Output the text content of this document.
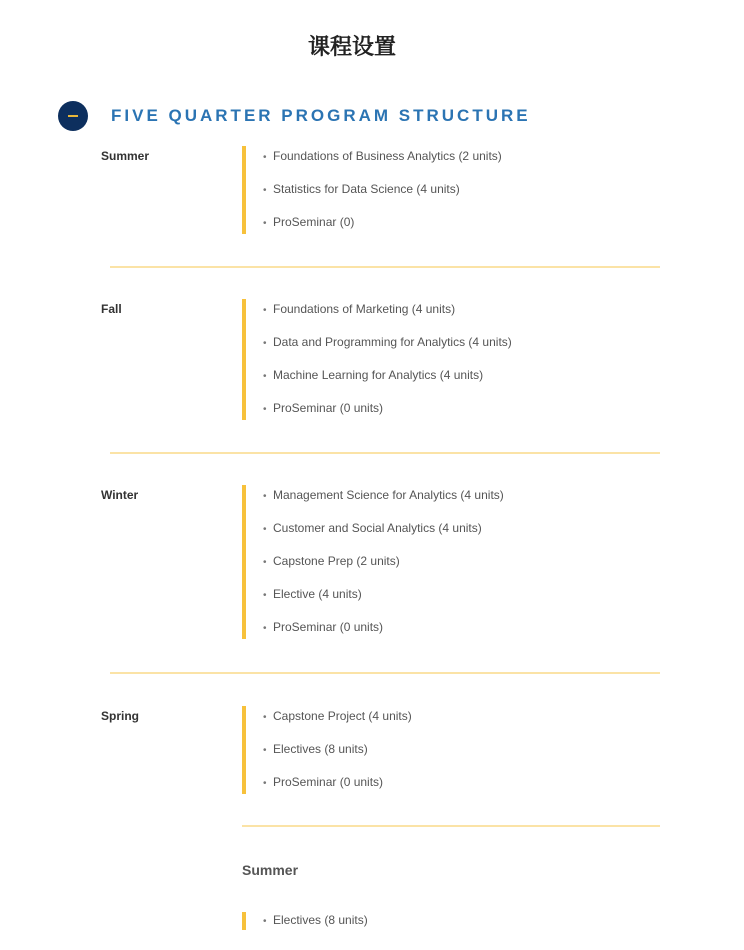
课程设置
FIVE QUARTER PROGRAM STRUCTURE
Summer	• Foundations of Business Analytics (2 units)
• Statistics for Data Science (4 units)
• ProSeminar (0)
Fall	• Foundations of Marketing (4 units)
• Data and Programming for Analytics (4 units)
• Machine Learning for Analytics (4 units)
• ProSeminar (0 units)
Winter	• Management Science for Analytics (4 units)
• Customer and Social Analytics (4 units)
• Capstone Prep (2 units)
• Elective (4 units)
• ProSeminar (0 units)
Spring	• Capstone Project (4 units)
• Electives (8 units)
• ProSeminar (0 units)
Summer
• Electives (8 units)
